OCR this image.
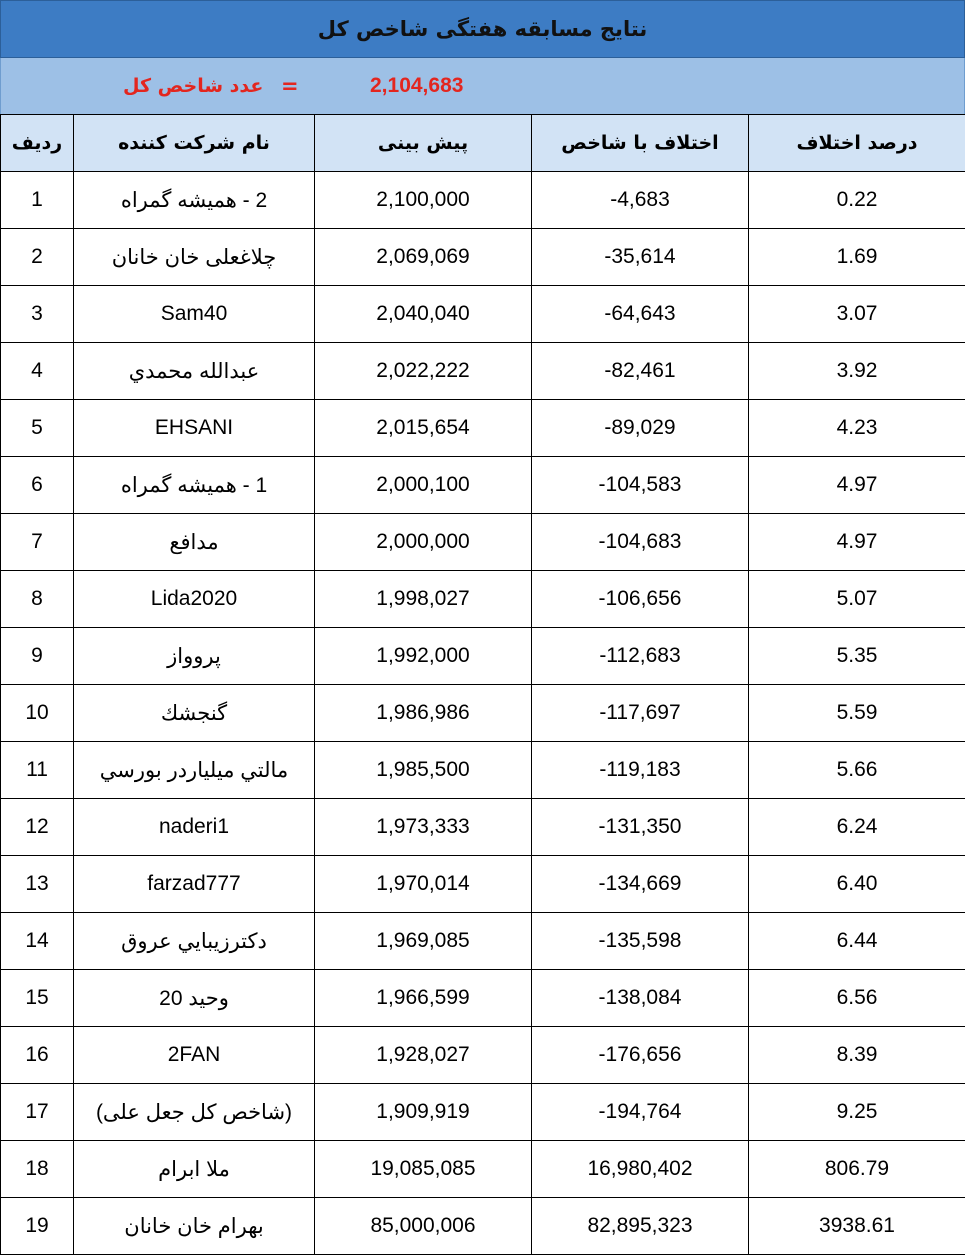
نتایج مسابقه هفتگی شاخص کل
عدد شاخص کل =	2,104,683
ردیف	نام شرکت کننده	پیش بینی	اختلاف با شاخص	درصد اختلاف
1	2 - همیشه گمراه	2,100,000	-4,683	0.22
2	چلاغعلی خان خانان	2,069,069	-35,614	1.69
3	Sam40	2,040,040	-64,643	3.07
4	عبدالله محمدي	2,022,222	-82,461	3.92
5	EHSANI	2,015,654	-89,029	4.23
6	1 - همیشه گمراه	2,000,100	-104,583	4.97
7	مدافع	2,000,000	-104,683	4.97
8	Lida2020	1,998,027	-106,656	5.07
9	پروواز	1,992,000	-112,683	5.35
10	گنجشك	1,986,986	-117,697	5.59
11	مالتي ميلياردر بورسي	1,985,500	-119,183	5.66
12	naderi1	1,973,333	-131,350	6.24
13	farzad777	1,970,014	-134,669	6.40
14	دكترزيبايي عروق	1,969,085	-135,598	6.44
15	وحید 20	1,966,599	-138,084	6.56
16	2FAN	1,928,027	-176,656	8.39
17	(شاخص کل جعل علی)	1,909,919	-194,764	9.25
18	ملا ابرام	19,085,085	16,980,402	806.79
19	بهرام خان خانان	85,000,006	82,895,323	3938.61
